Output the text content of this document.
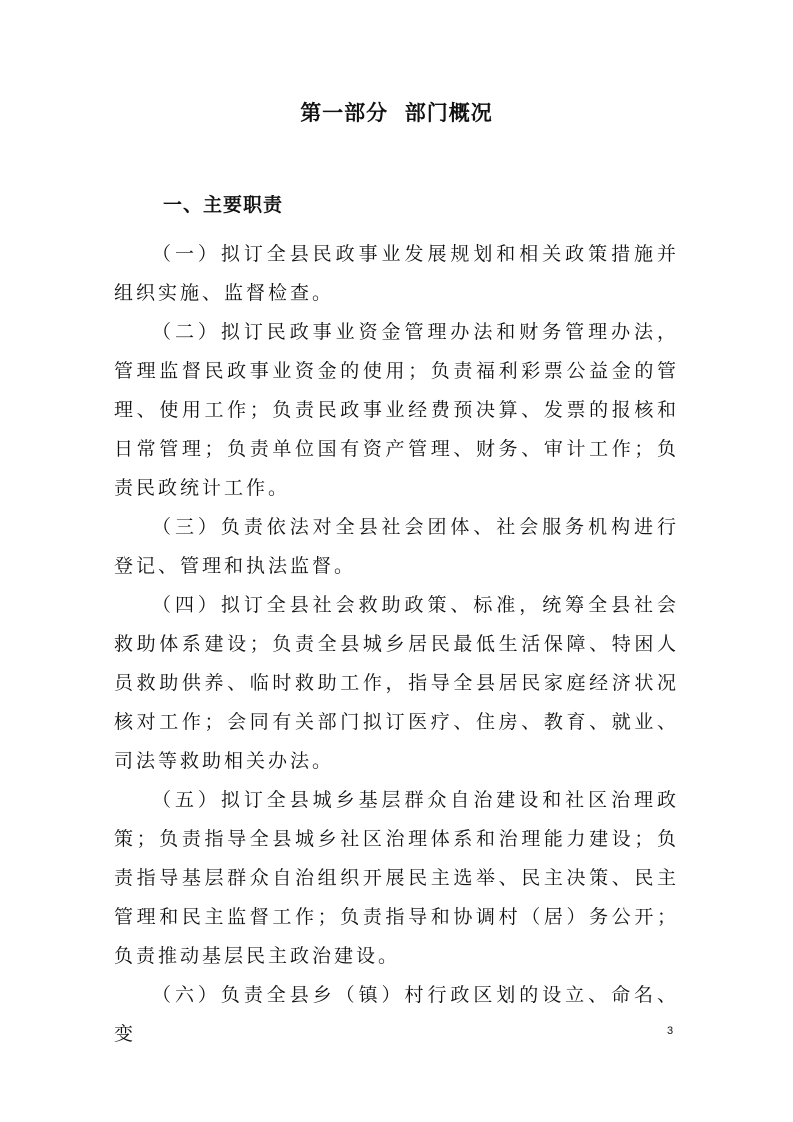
第一部分  部门概况
一、主要职责

（一）拟订全县民政事业发展规划和相关政策措施并组织实施、监督检查。

（二）拟订民政事业资金管理办法和财务管理办法，管理监督民政事业资金的使用；负责福利彩票公益金的管理、使用工作；负责民政事业经费预决算、发票的报核和日常管理；负责单位国有资产管理、财务、审计工作；负责民政统计工作。

（三）负责依法对全县社会团体、社会服务机构进行登记、管理和执法监督。

（四）拟订全县社会救助政策、标准，统筹全县社会救助体系建设；负责全县城乡居民最低生活保障、特困人员救助供养、临时救助工作，指导全县居民家庭经济状况核对工作；会同有关部门拟订医疗、住房、教育、就业、司法等救助相关办法。

（五）拟订全县城乡基层群众自治建设和社区治理政策；负责指导全县城乡社区治理体系和治理能力建设；负责指导基层群众自治组织开展民主选举、民主决策、民主管理和民主监督工作；负责指导和协调村（居）务公开；负责推动基层民主政治建设。

（六）负责全县乡（镇）村行政区划的设立、命名、变	3
